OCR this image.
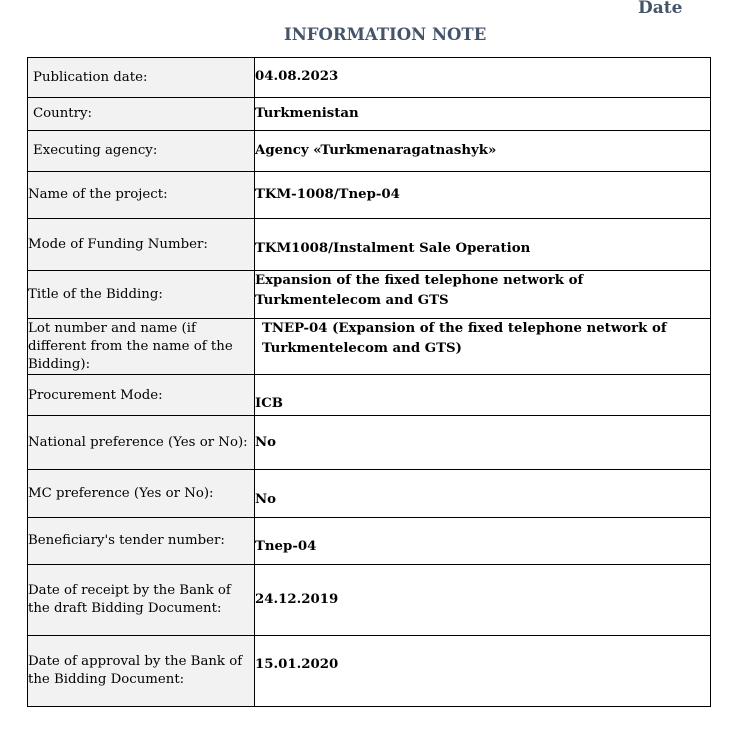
Date
INFORMATION NOTE
Publication date:	04.08.2023
Country:	Turkmenistan
Executing agency:	Agency «Turkmenaragatnashyk»
Name of the project:	TKM-1008/Tnep-04
Mode of Funding Number:	TKM1008/Instalment Sale Operation
Title of the Bidding:	Expansion of the fixed telephone network of Turkmentelecom and GTS
Lot number and name (if different from the name of the Bidding):	TNEP-04 (Expansion of the fixed telephone network of Turkmentelecom and GTS)
Procurement Mode:	ICB
National preference (Yes or No):	No
MC preference (Yes or No):	No
Beneficiary's tender number:	Tnep-04
Date of receipt by the Bank of the draft Bidding Document:	24.12.2019
Date of approval by the Bank of the Bidding Document:	15.01.2020
